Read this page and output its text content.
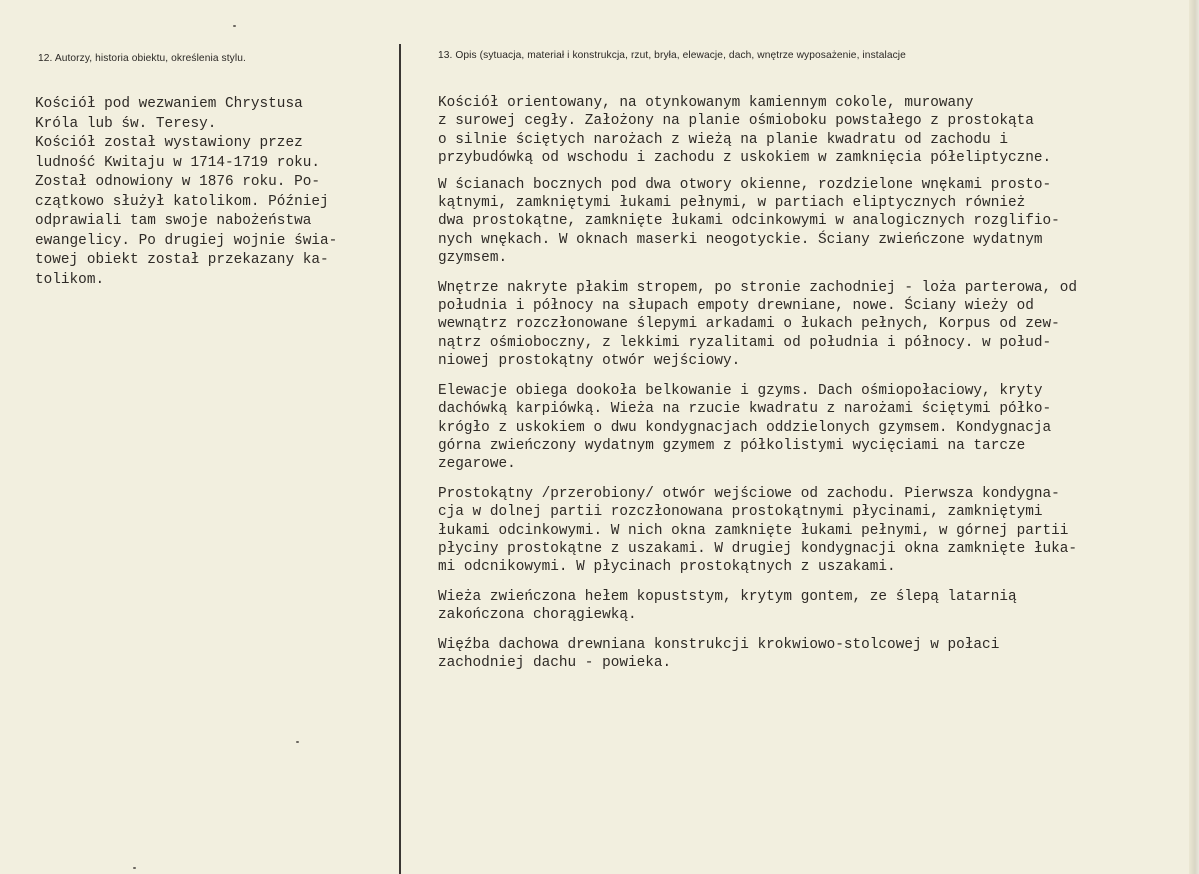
12. Autorzy, historia obiektu, określenia stylu.	13. Opis (sytuacja, materiał i konstrukcja, rzut, bryła, elewacje, dach, wnętrze wyposażenie, instalacje
Kościół pod wezwaniem Chrystusa
Króla lub św. Teresy.
Kościół został wystawiony przez
ludność Kwitaju w 1714-1719 roku.
Został odnowiony w 1876 roku. Po-
czątkowo służył katolikom. Później
odprawiali tam swoje nabożeństwa
ewangelicy. Po drugiej wojnie świa-
towej obiekt został przekazany ka-
tolikom.

Kościół orientowany, na otynkowanym kamiennym cokole, murowany
z surowej cegły. Założony na planie ośmioboku powstałego z prostokąta
o silnie ściętych narożach z wieżą na planie kwadratu od zachodu i
przybudówką od wschodu i zachodu z uskokiem w zamknięcia półeliptyczne.

W ścianach bocznych pod dwa otwory okienne, rozdzielone wnękami prosto-
kątnymi, zamkniętymi łukami pełnymi, w partiach eliptycznych również
dwa prostokątne, zamknięte łukami odcinkowymi w analogicznych rozglifio-
nych wnękach. W oknach maserki neogotyckie. Ściany zwieńczone wydatnym
gzymsem.

Wnętrze nakryte płakim stropem, po stronie zachodniej - loża parterowa, od
południa i północy na słupach empoty drewniane, nowe. Ściany wieży od
wewnątrz rozczłonowane ślepymi arkadami o łukach pełnych, Korpus od zew-
nątrz ośmioboczny, z lekkimi ryzalitami od południa i północy. w połud-
niowej prostokątny otwór wejściowy.

Elewacje obiega dookoła belkowanie i gzyms. Dach ośmiopołaciowy, kryty
dachówką karpiówką. Wieża na rzucie kwadratu z narożami ściętymi półko-
krógło z uskokiem o dwu kondygnacjach oddzielonych gzymsem. Kondygnacja
górna zwieńczony wydatnym gzymem z półkolistymi wycięciami na tarcze
zegarowe.

Prostokątny /przerobiony/ otwór wejściowe od zachodu. Pierwsza kondygna-
cja w dolnej partii rozczłonowana prostokątnymi płycinami, zamkniętymi
łukami odcinkowymi. W nich okna zamknięte łukami pełnymi, w górnej partii
płyciny prostokątne z uszakami. W drugiej kondygnacji okna zamknięte łuka-
mi odcnikowymi. W płycinach prostokątnych z uszakami.

Wieża zwieńczona hełem kopuststym, krytym gontem, ze ślepą latarnią
zakończona chorągiewką.

Więźba dachowa drewniana konstrukcji krokwiowo-stolcowej w połaci
zachodniej dachu - powieka.
